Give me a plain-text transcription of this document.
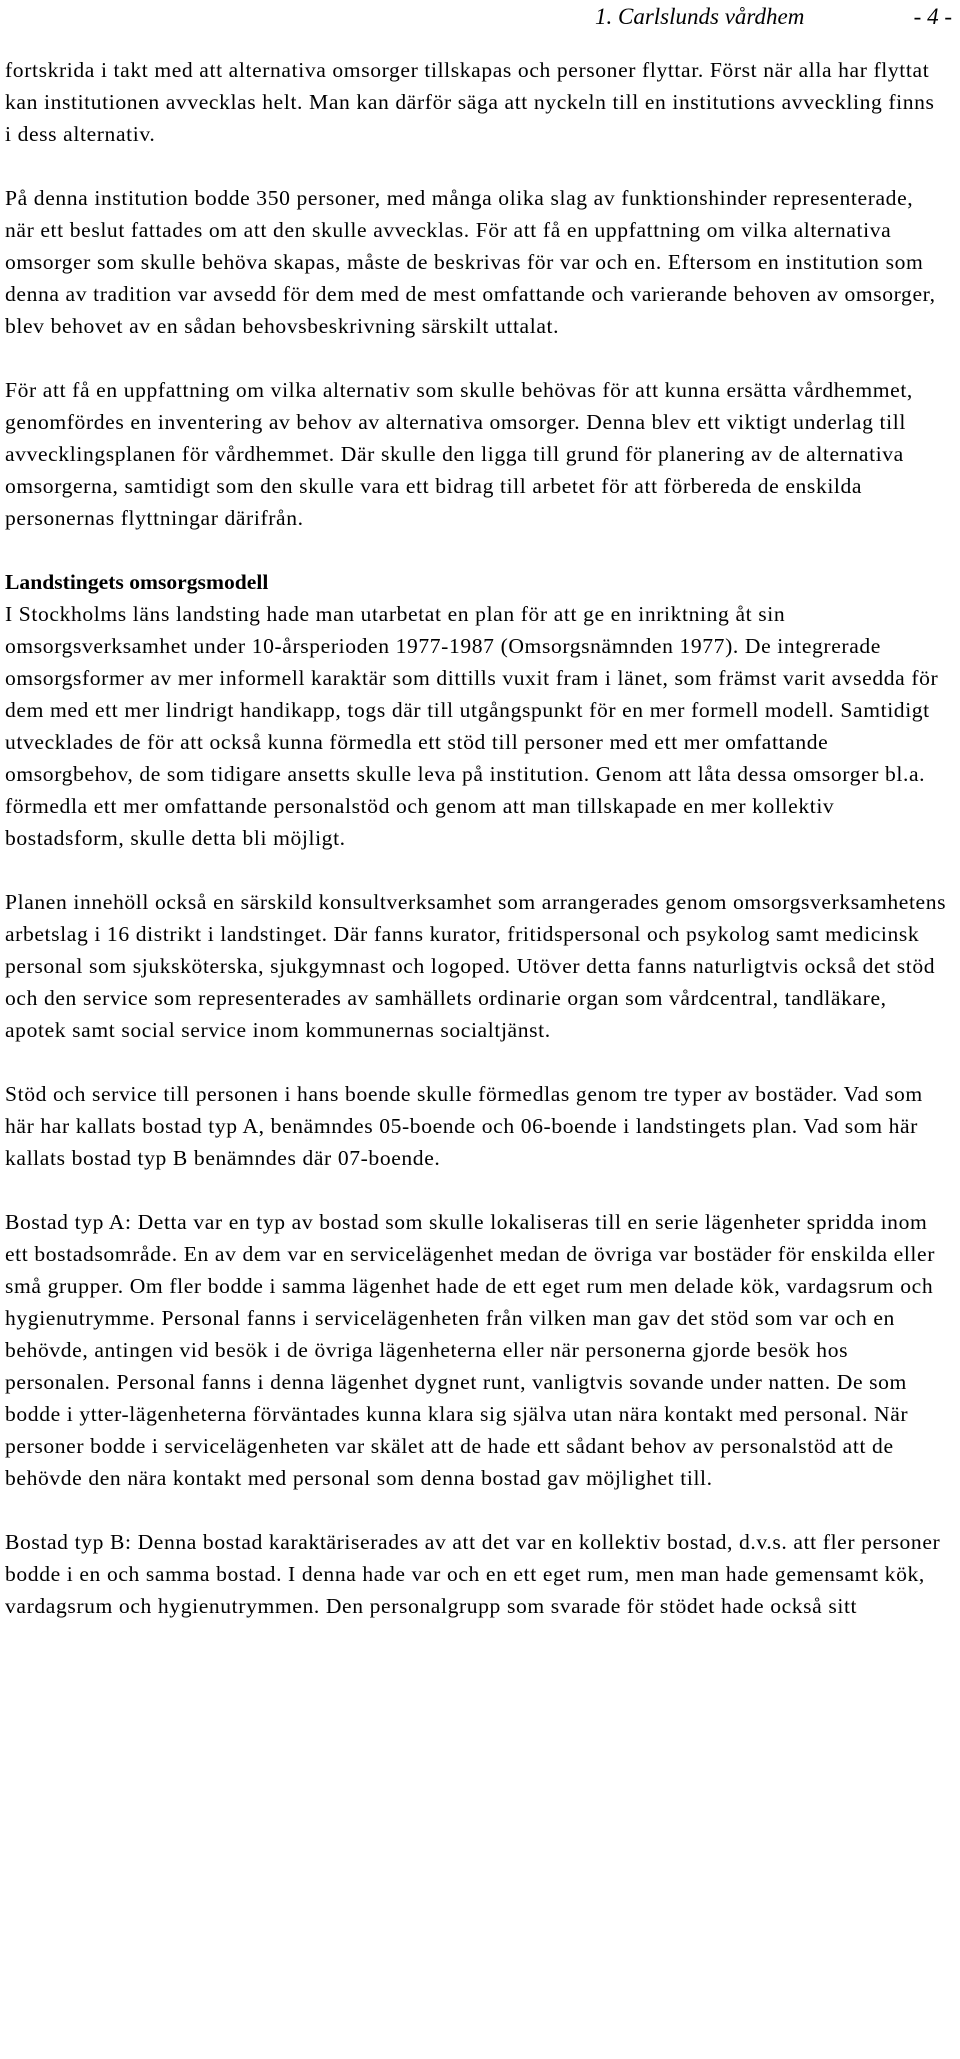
1. Carlslunds vårdhem	- 4 -

fortskrida i takt med att alternativa omsorger tillskapas och personer flyttar. Först när alla har flyttat kan institutionen avvecklas helt. Man kan därför säga att nyckeln till en institutions avveckling finns i dess alternativ.

På denna institution bodde 350 personer, med många olika slag av funktionshinder representerade, när ett beslut fattades om att den skulle avvecklas. För att få en uppfattning om vilka alternativa omsorger som skulle behöva skapas, måste de beskrivas för var och en. Eftersom en institution som denna av tradition var avsedd för dem med de mest omfattande och varierande behoven av omsorger, blev behovet av en sådan behovsbeskrivning särskilt uttalat.

För att få en uppfattning om vilka alternativ som skulle behövas för att kunna ersätta vårdhemmet, genomfördes en inventering av behov av alternativa omsorger. Denna blev ett viktigt underlag till avvecklingsplanen för vårdhemmet. Där skulle den ligga till grund för planering av de alternativa omsorgerna, samtidigt som den skulle vara ett bidrag till arbetet för att förbereda de enskilda personernas flyttningar därifrån.

Landstingets omsorgsmodell
I Stockholms läns landsting hade man utarbetat en plan för att ge en inriktning åt sin omsorgsverksamhet under 10-årsperioden 1977-1987 (Omsorgsnämnden 1977). De integrerade omsorgsformer av mer informell karaktär som dittills vuxit fram i länet, som främst varit avsedda för dem med ett mer lindrigt handikapp, togs där till utgångspunkt för en mer formell modell. Samtidigt utvecklades de för att också kunna förmedla ett stöd till personer med ett mer omfattande omsorgbehov, de som tidigare ansetts skulle leva på institution. Genom att låta dessa omsorger bl.a. förmedla ett mer omfattande personalstöd och genom att man tillskapade en mer kollektiv bostadsform, skulle detta bli möjligt.

Planen innehöll också en särskild konsultverksamhet som arrangerades genom omsorgsverksamhetens arbetslag i 16 distrikt i landstinget. Där fanns kurator, fritidspersonal och psykolog samt medicinsk personal som sjuksköterska, sjukgymnast och logoped. Utöver detta fanns naturligtvis också det stöd och den service som representerades av samhällets ordinarie organ som vårdcentral, tandläkare, apotek samt social service inom kommunernas socialtjänst.

Stöd och service till personen i hans boende skulle förmedlas genom tre typer av bostäder. Vad som här har kallats bostad typ A, benämndes 05-boende och 06-boende i landstingets plan. Vad som här kallats bostad typ B benämndes där 07-boende.

Bostad typ A: Detta var en typ av bostad som skulle lokaliseras till en serie lägenheter spridda inom ett bostadsområde. En av dem var en servicelägenhet medan de övriga var bostäder för enskilda eller små grupper. Om fler bodde i samma lägenhet hade de ett eget rum men delade kök, vardagsrum och hygienutrymme. Personal fanns i servicelägenheten från vilken man gav det stöd som var och en behövde, antingen vid besök i de övriga lägenheterna eller när personerna gjorde besök hos personalen. Personal fanns i denna lägenhet dygnet runt, vanligtvis sovande under natten. De som bodde i ytter-lägenheterna förväntades kunna klara sig själva utan nära kontakt med personal. När personer bodde i servicelägenheten var skälet att de hade ett sådant behov av personalstöd att de behövde den nära kontakt med personal som denna bostad gav möjlighet till.

Bostad typ B: Denna bostad karaktäriserades av att det var en kollektiv bostad, d.v.s. att fler personer bodde i en och samma bostad. I denna hade var och en ett eget rum, men man hade gemensamt kök, vardagsrum och hygienutrymmen. Den personalgrupp som svarade för stödet hade också sitt
